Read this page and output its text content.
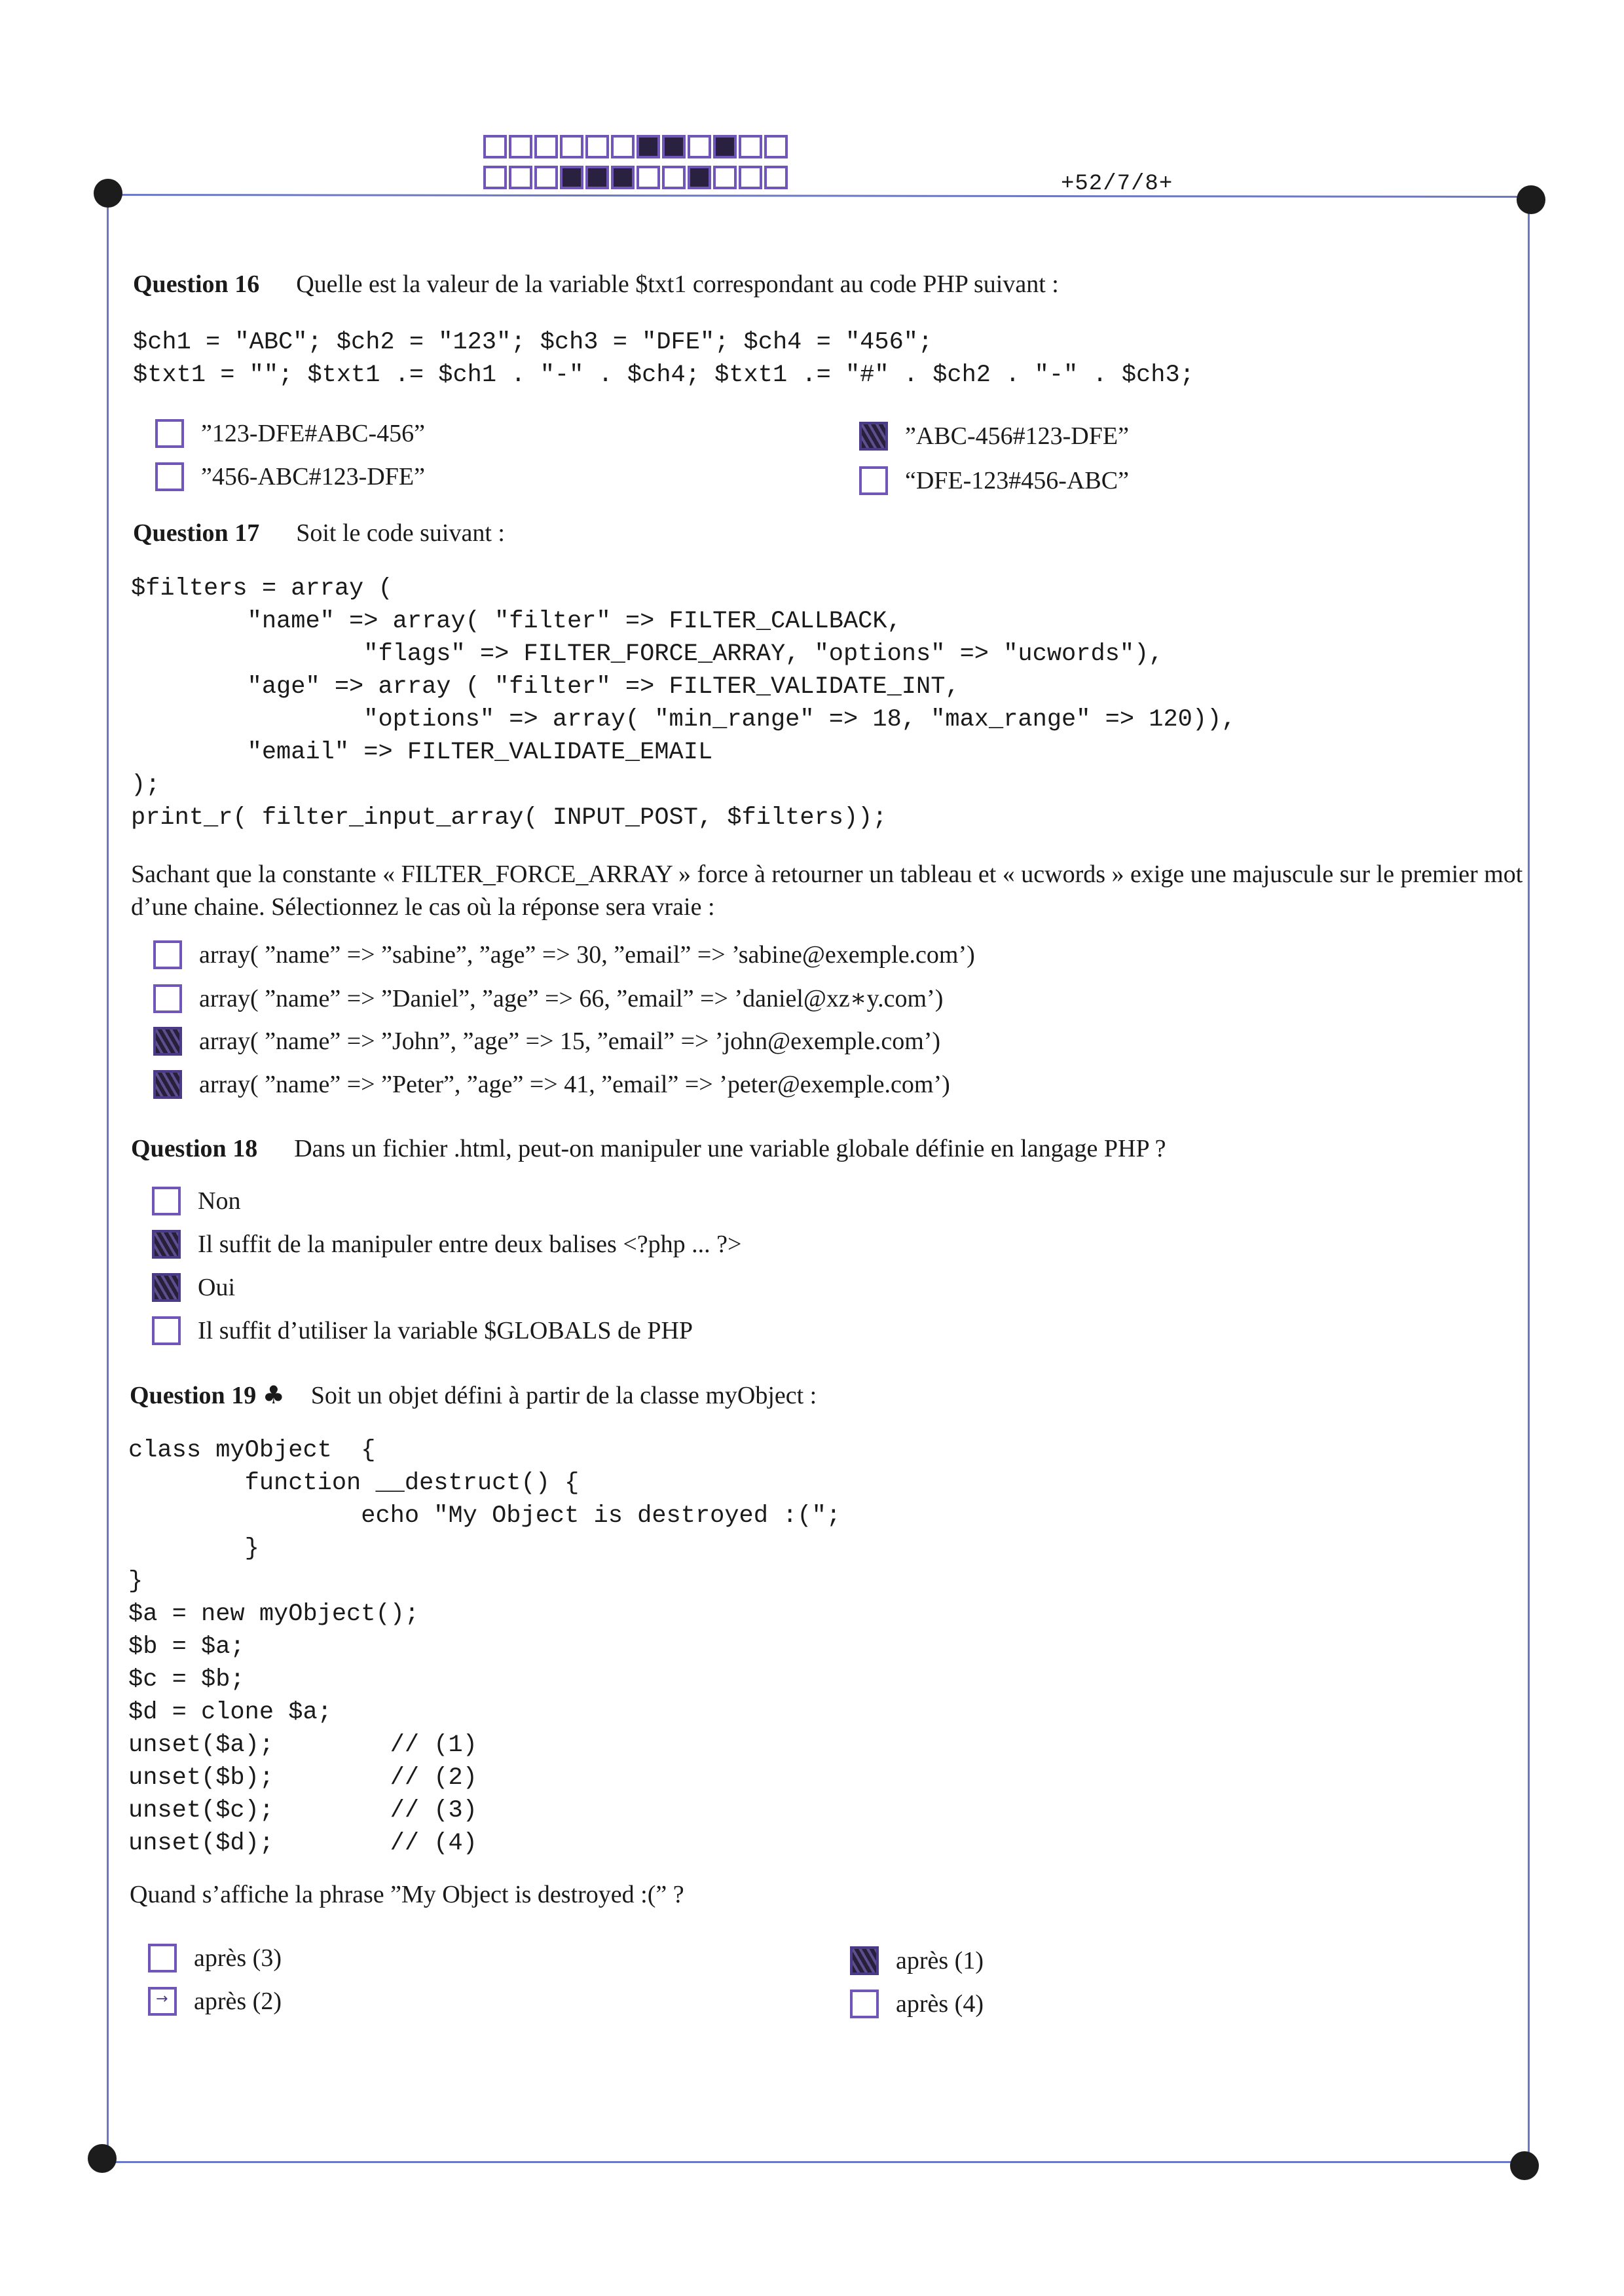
+52/7/8+
Question 16 Quelle est la valeur de la variable $txt1 correspondant au code PHP suivant :
$ch1 = "ABC"; $ch2 = "123"; $ch3 = "DFE"; $ch4 = "456";
$txt1 = ""; $txt1 .= $ch1 . "-" . $ch4; $txt1 .= "#" . $ch2 . "-" . $ch3;
”123-DFE#ABC-456”
”456-ABC#123-DFE”
”ABC-456#123-DFE”
“DFE-123#456-ABC”
Question 17 Soit le code suivant :
$filters = array (
"name" => array( "filter" => FILTER_CALLBACK,
"flags" => FILTER_FORCE_ARRAY, "options" => "ucwords"),
"age" => array ( "filter" => FILTER_VALIDATE_INT,
"options" => array( "min_range" => 18, "max_range" => 120)),
"email" => FILTER_VALIDATE_EMAIL
);
print_r( filter_input_array( INPUT_POST, $filters));
Sachant que la constante « FILTER_FORCE_ARRAY » force à retourner un tableau et « ucwords » exige une majuscule sur le premier mot d’une chaine. Sélectionnez le cas où la réponse sera vraie :
array( ”name” => ”sabine”, ”age” => 30, ”email” => ’sabine@exemple.com’)
array( ”name” => ”Daniel”, ”age” => 66, ”email” => ’daniel@xz∗y.com’)
array( ”name” => ”John”, ”age” => 15, ”email” => ’john@exemple.com’)
array( ”name” => ”Peter”, ”age” => 41, ”email” => ’peter@exemple.com’)
Question 18 Dans un fichier .html, peut-on manipuler une variable globale définie en langage PHP ?
Non
Il suffit de la manipuler entre deux balises <?php ... ?>
Oui
Il suffit d’utiliser la variable $GLOBALS de PHP
Question 19 ♣ Soit un objet défini à partir de la classe myObject :
class myObject  {
function __destruct() {
echo "My Object is destroyed :(";
}
}
$a = new myObject();
$b = $a;
$c = $b;
$d = clone $a;
unset($a);        // (1)
unset($b);        // (2)
unset($c);        // (3)
unset($d);        // (4)
Quand s’affiche la phrase ”My Object is destroyed :(” ?
après (3)
→
après (2)
après (1)
après (4)
